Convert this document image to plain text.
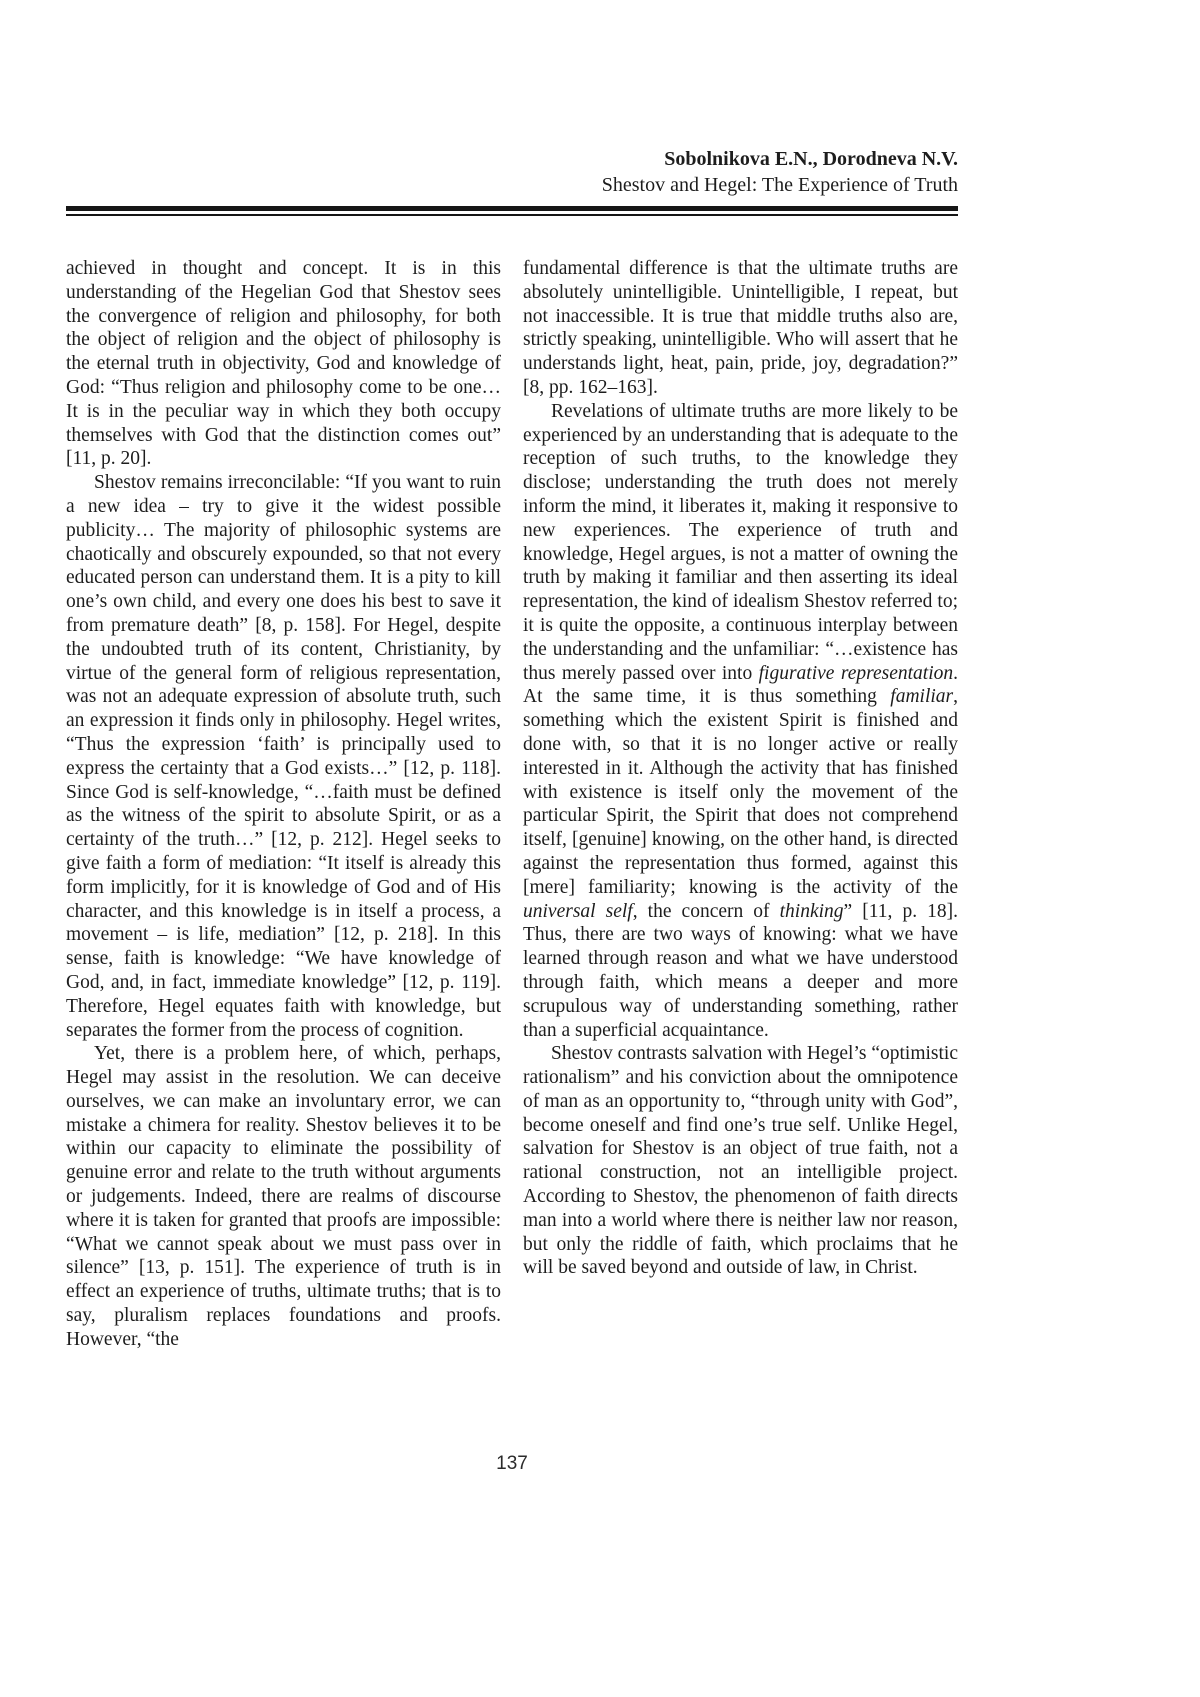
Sobolnikova E.N., Dorodneva N.V.
Shestov and Hegel: The Experience of Truth

achieved in thought and concept. It is in this understanding of the Hegelian God that Shestov sees the convergence of religion and philosophy, for both the object of religion and the object of philosophy is the eternal truth in objectivity, God and knowledge of God: “Thus religion and philosophy come to be one… It is in the peculiar way in which they both occupy themselves with God that the distinction comes out” [11, p. 20].

Shestov remains irreconcilable: “If you want to ruin a new idea – try to give it the widest possible publicity… The majority of philosophic systems are chaotically and obscurely expounded, so that not every educated person can understand them. It is a pity to kill one’s own child, and every one does his best to save it from premature death” [8, p. 158]. For Hegel, despite the undoubted truth of its content, Christianity, by virtue of the general form of religious representation, was not an adequate expression of absolute truth, such an expression it finds only in philosophy. Hegel writes, “Thus the expression ‘faith’ is principally used to express the certainty that a God exists…” [12, p. 118]. Since God is self-knowledge, “…faith must be defined as the witness of the spirit to absolute Spirit, or as a certainty of the truth…” [12, p. 212]. Hegel seeks to give faith a form of mediation: “It itself is already this form implicitly, for it is knowledge of God and of His character, and this knowledge is in itself a process, a movement – is life, mediation” [12, p. 218]. In this sense, faith is knowledge: “We have knowledge of God, and, in fact, immediate knowledge” [12, p. 119]. Therefore, Hegel equates faith with knowledge, but separates the former from the process of cognition.

Yet, there is a problem here, of which, perhaps, Hegel may assist in the resolution. We can deceive ourselves, we can make an involuntary error, we can mistake a chimera for reality. Shestov believes it to be within our capacity to eliminate the possibility of genuine error and relate to the truth without arguments or judgements. Indeed, there are realms of discourse where it is taken for granted that proofs are impossible: “What we cannot speak about we must pass over in silence” [13, p. 151]. The experience of truth is in effect an experience of truths, ultimate truths; that is to say, pluralism replaces foundations and proofs. However, “the

fundamental difference is that the ultimate truths are absolutely unintelligible. Unintelligible, I repeat, but not inaccessible. It is true that middle truths also are, strictly speaking, unintelligible. Who will assert that he understands light, heat, pain, pride, joy, degradation?” [8, pp. 162–163].

Revelations of ultimate truths are more likely to be experienced by an understanding that is adequate to the reception of such truths, to the knowledge they disclose; understanding the truth does not merely inform the mind, it liberates it, making it responsive to new experiences. The experience of truth and knowledge, Hegel argues, is not a matter of owning the truth by making it familiar and then asserting its ideal representation, the kind of idealism Shestov referred to; it is quite the opposite, a continuous interplay between the understanding and the unfamiliar: “…existence has thus merely passed over into figurative representation. At the same time, it is thus something familiar, something which the existent Spirit is finished and done with, so that it is no longer active or really interested in it. Although the activity that has finished with existence is itself only the movement of the particular Spirit, the Spirit that does not comprehend itself, [genuine] knowing, on the other hand, is directed against the representation thus formed, against this [mere] familiarity; knowing is the activity of the universal self, the concern of thinking” [11, p. 18]. Thus, there are two ways of knowing: what we have learned through reason and what we have understood through faith, which means a deeper and more scrupulous way of understanding something, rather than a superficial acquaintance.

Shestov contrasts salvation with Hegel’s “optimistic rationalism” and his conviction about the omnipotence of man as an opportunity to, “through unity with God”, become oneself and find one’s true self. Unlike Hegel, salvation for Shestov is an object of true faith, not a rational construction, not an intelligible project. According to Shestov, the phenomenon of faith directs man into a world where there is neither law nor reason, but only the riddle of faith, which proclaims that he will be saved beyond and outside of law, in Christ.

137
